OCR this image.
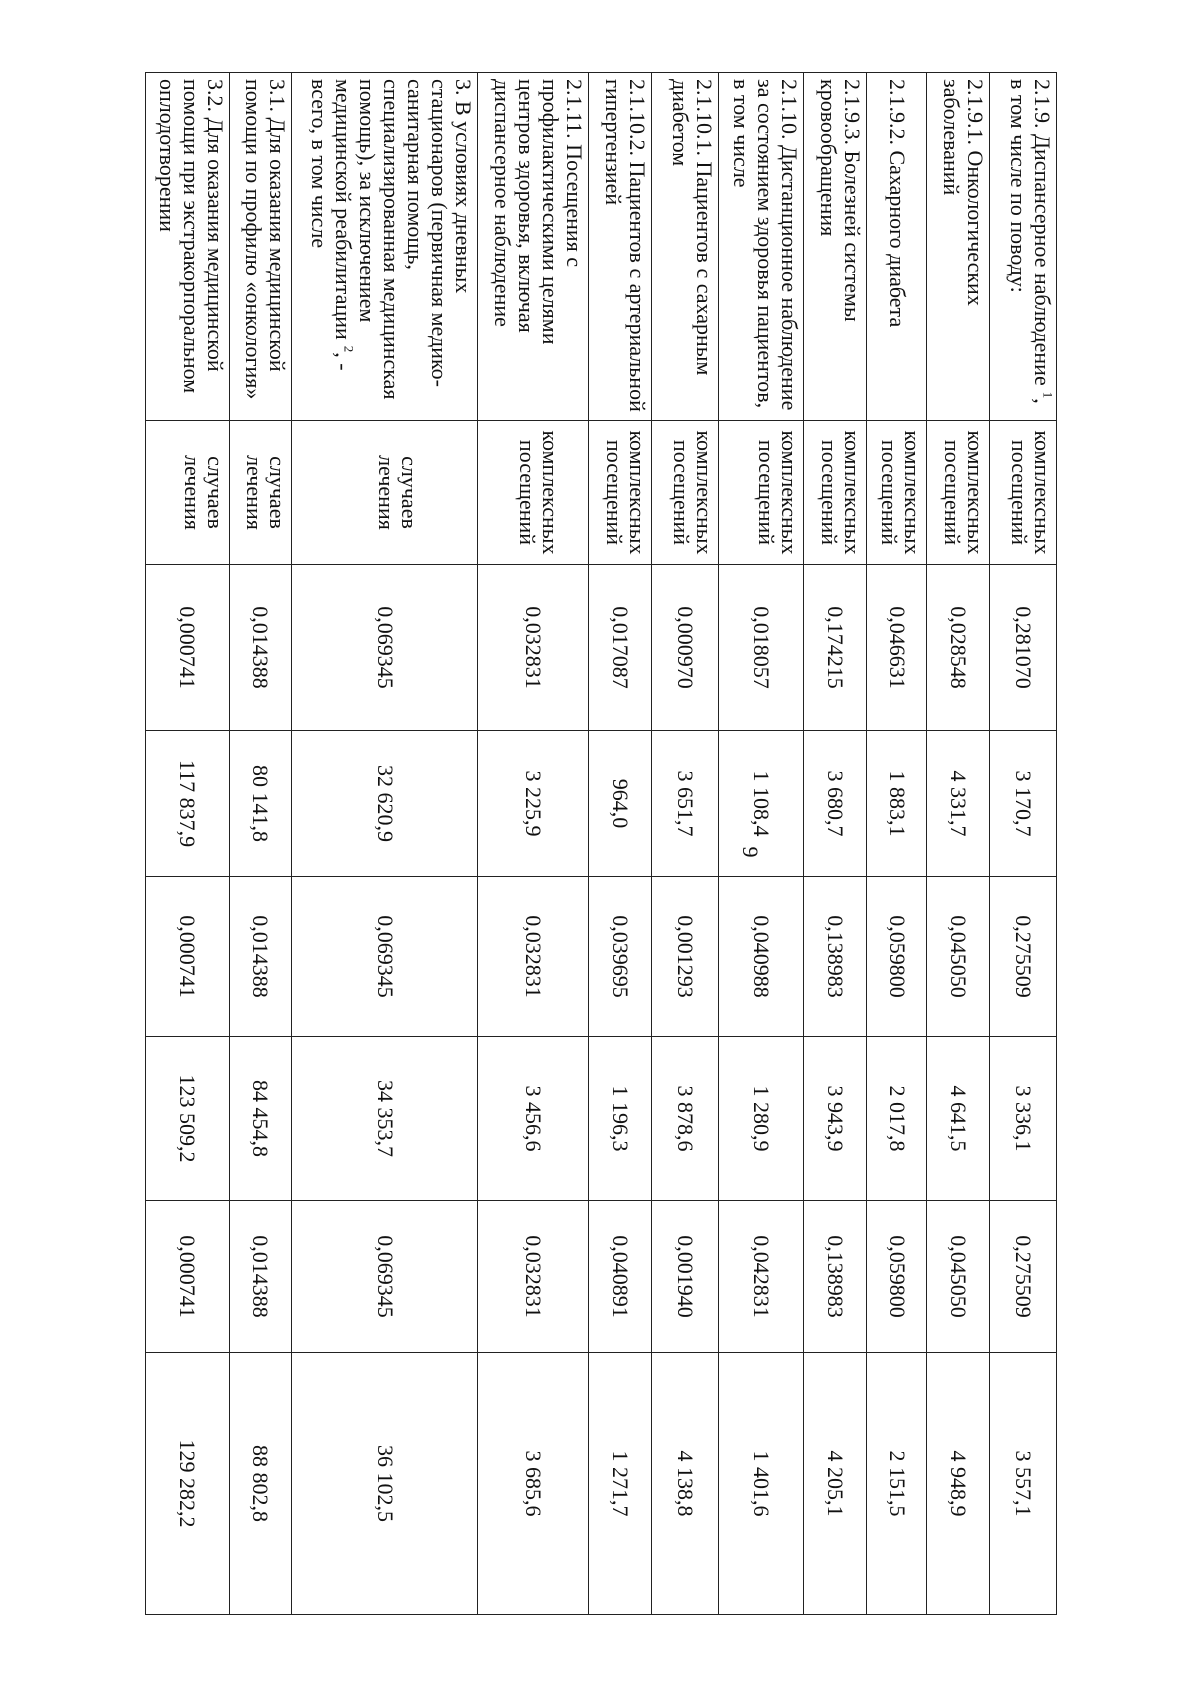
9
2.1.9. Диспансерное наблюдение$^1$, в том числе по поводу:	комплексных посещений	0,281070	3 170,7	0,275509	3 336,1	0,275509	3 557,1
2.1.9.1. Онкологических заболеваний	комплексных посещений	0,028548	4 331,7	0,045050	4 641,5	0,045050	4 948,9
2.1.9.2. Сахарного диабета	комплексных посещений	0,046631	1 883,1	0,059800	2 017,8	0,059800	2 151,5
2.1.9.3. Болезней системы кровообращения	комплексных посещений	0,174215	3 680,7	0,138983	3 943,9	0,138983	4 205,1
2.1.10. Дистанционное наблюдение за состоянием здоровья пациентов, в том числе	комплексных посещений	0,018057	1 108,4	0,040988	1 280,9	0,042831	1 401,6
2.1.10.1. Пациентов с сахарным диабетом	комплексных посещений	0,000970	3 651,7	0,001293	3 878,6	0,001940	4 138,8
2.1.10.2. Пациентов с артериальной гипертензией	комплексных посещений	0,017087	964,0	0,039695	1 196,3	0,040891	1 271,7
2.1.11. Посещения с профилактическими целями центров здоровья, включая диспансерное наблюдение	комплексных посещений	0,032831	3 225,9	0,032831	3 456,6	0,032831	3 685,6
3. В условиях дневных стационаров (первичная медико-санитарная помощь, специализированная медицинская помощь), за исключением медицинской реабилитации$^2$, - всего, в том числе	случаев лечения	0,069345	32 620,9	0,069345	34 353,7	0,069345	36 102,5
3.1. Для оказания медицинской помощи по профилю «онкология»	случаев лечения	0,014388	80 141,8	0,014388	84 454,8	0,014388	88 802,8
3.2. Для оказания медицинской помощи при экстракорпоральном оплодотворении	случаев лечения	0,000741	117 837,9	0,000741	123 509,2	0,000741	129 282,2
